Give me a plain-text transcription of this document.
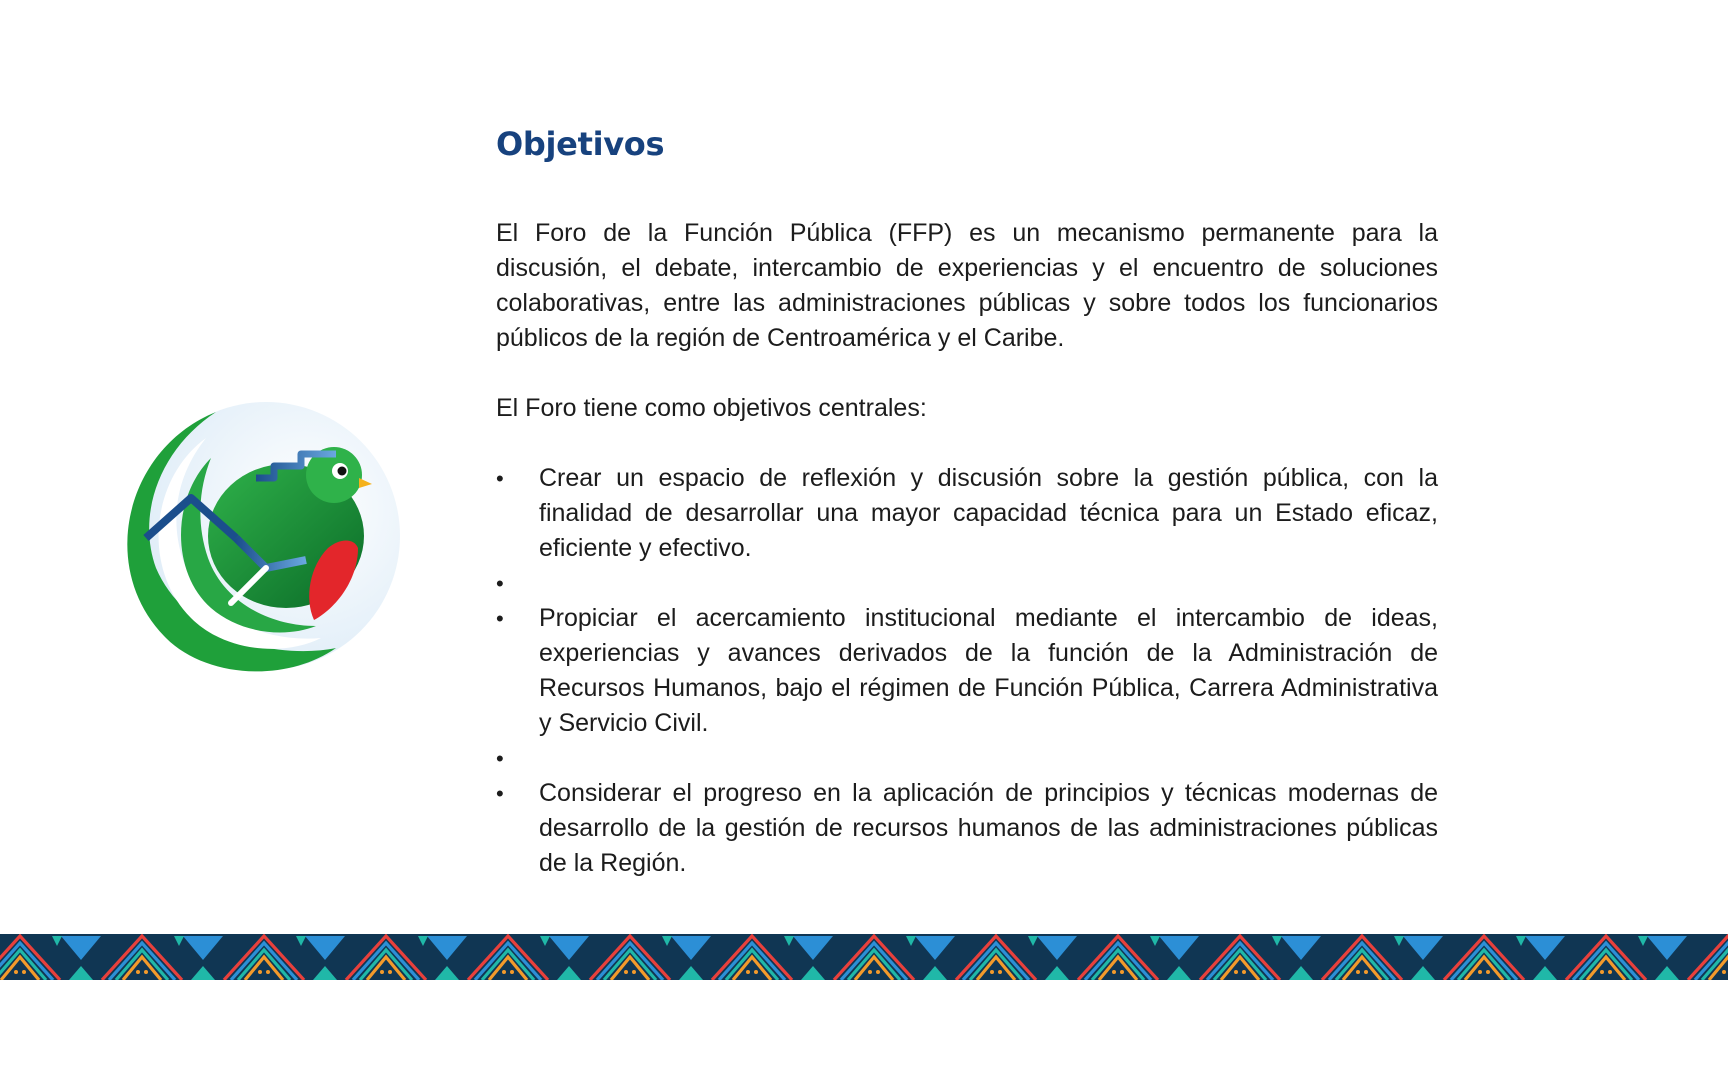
Objetivos

El Foro de la Función Pública (FFP) es un mecanismo permanente para la discusión, el debate, intercambio de experiencias y el encuentro de soluciones colaborativas, entre las administraciones públicas y sobre todos los funcionarios públicos de la región de Centroamérica y el Caribe.

El Foro tiene como objetivos centrales:

•	Crear un espacio de reflexión y discusión sobre la gestión pública, con la finalidad de desarrollar una mayor capacidad técnica para un Estado eficaz, eficiente y efectivo.
•
•	Propiciar el acercamiento institucional mediante el intercambio de ideas, experiencias y avances derivados de la función de la Administración de Recursos Humanos, bajo el régimen de Función Pública, Carrera Administrativa y Servicio Civil.
•
•	Considerar el progreso en la aplicación de principios y técnicas modernas de desarrollo de la gestión de recursos humanos de las administraciones públicas de la Región.
